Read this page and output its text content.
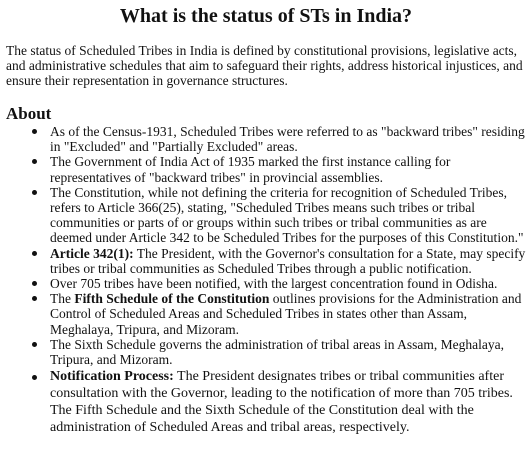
What is the status of STs in India?

The status of Scheduled Tribes in India is defined by constitutional provisions, legislative acts, and administrative schedules that aim to safeguard their rights, address historical injustices, and ensure their representation in governance structures.

About
As of the Census-1931, Scheduled Tribes were referred to as "backward tribes" residing in "Excluded" and "Partially Excluded" areas.
The Government of India Act of 1935 marked the first instance calling for representatives of "backward tribes" in provincial assemblies.
The Constitution, while not defining the criteria for recognition of Scheduled Tribes, refers to Article 366(25), stating, "Scheduled Tribes means such tribes or tribal communities or parts of or groups within such tribes or tribal communities as are deemed under Article 342 to be Scheduled Tribes for the purposes of this Constitution."
Article 342(1): The President, with the Governor's consultation for a State, may specify tribes or tribal communities as Scheduled Tribes through a public notification.
Over 705 tribes have been notified, with the largest concentration found in Odisha.
The Fifth Schedule of the Constitution outlines provisions for the Administration and Control of Scheduled Areas and Scheduled Tribes in states other than Assam, Meghalaya, Tripura, and Mizoram.
The Sixth Schedule governs the administration of tribal areas in Assam, Meghalaya, Tripura, and Mizoram.
Notification Process: The President designates tribes or tribal communities after consultation with the Governor, leading to the notification of more than 705 tribes. The Fifth Schedule and the Sixth Schedule of the Constitution deal with the administration of Scheduled Areas and tribal areas, respectively.
